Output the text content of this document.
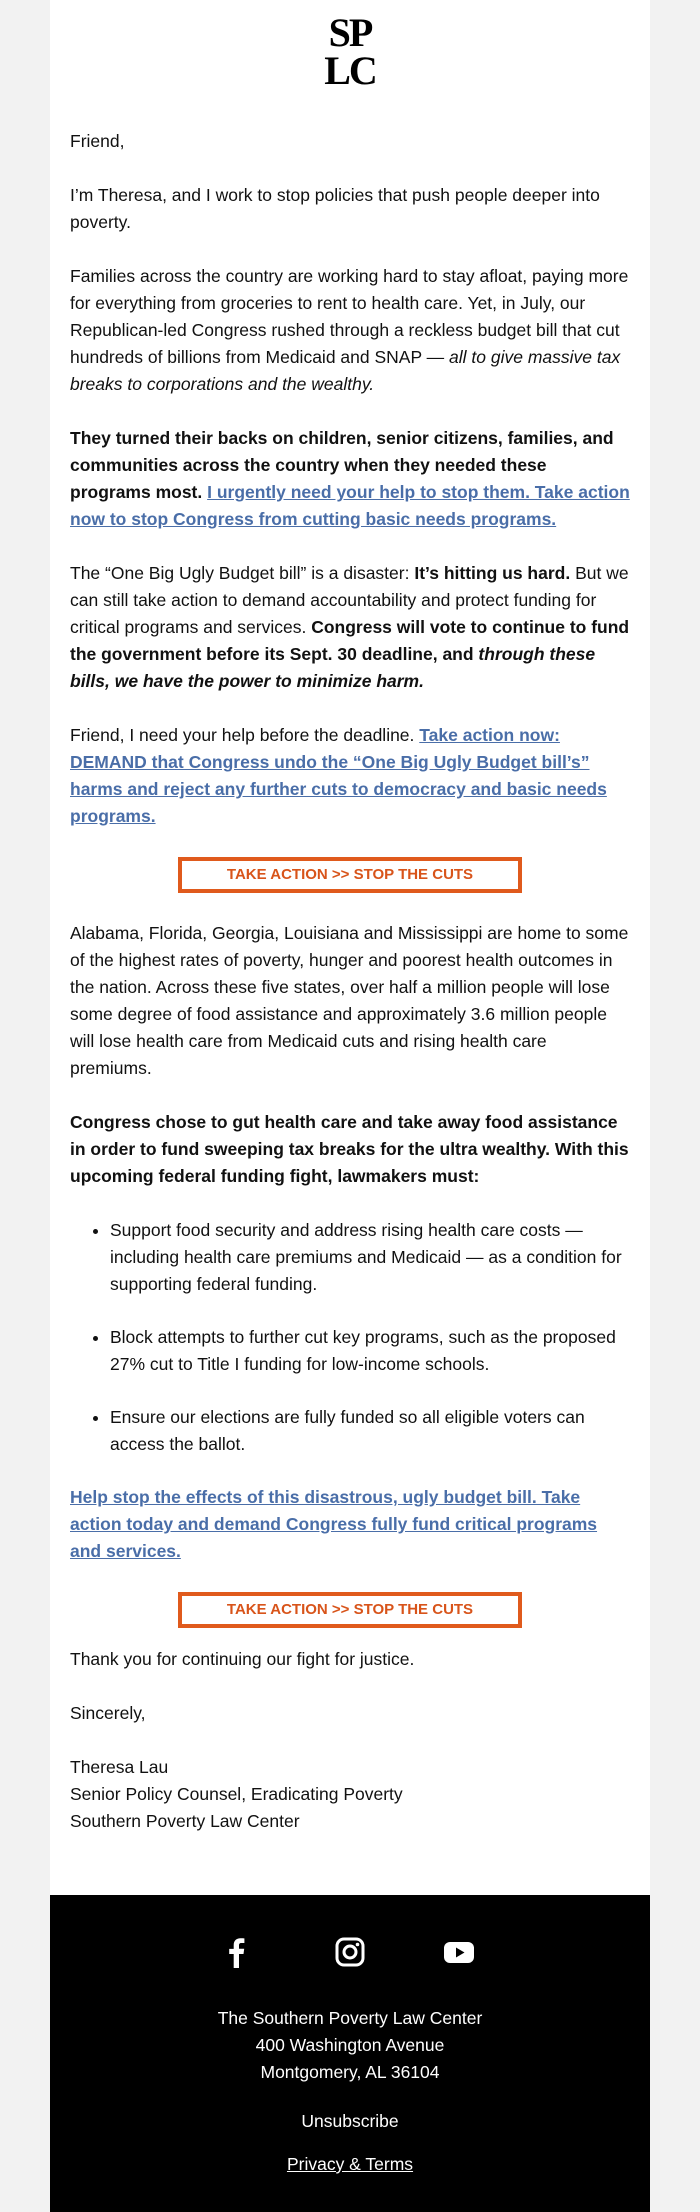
SP
LC

Friend,

I’m Theresa, and I work to stop policies that push people deeper into poverty.

Families across the country are working hard to stay afloat, paying more for everything from groceries to rent to health care. Yet, in July, our Republican-led Congress rushed through a reckless budget bill that cut hundreds of billions from Medicaid and SNAP — all to give massive tax breaks to corporations and the wealthy.

They turned their backs on children, senior citizens, families, and communities across the country when they needed these programs most. I urgently need your help to stop them. Take action now to stop Congress from cutting basic needs programs.

The “One Big Ugly Budget bill” is a disaster: It’s hitting us hard. But we can still take action to demand accountability and protect funding for critical programs and services. Congress will vote to continue to fund the government before its Sept. 30 deadline, and through these bills, we have the power to minimize harm.

Friend, I need your help before the deadline. Take action now: DEMAND that Congress undo the “One Big Ugly Budget bill’s” harms and reject any further cuts to democracy and basic needs programs.

TAKE ACTION >> STOP THE CUTS

Alabama, Florida, Georgia, Louisiana and Mississippi are home to some of the highest rates of poverty, hunger and poorest health outcomes in the nation. Across these five states, over half a million people will lose some degree of food assistance and approximately 3.6 million people will lose health care from Medicaid cuts and rising health care premiums.

Congress chose to gut health care and take away food assistance in order to fund sweeping tax breaks for the ultra wealthy. With this upcoming federal funding fight, lawmakers must:

• Support food security and address rising health care costs — including health care premiums and Medicaid — as a condition for supporting federal funding.
• Block attempts to further cut key programs, such as the proposed 27% cut to Title I funding for low-income schools.
• Ensure our elections are fully funded so all eligible voters can access the ballot.

Help stop the effects of this disastrous, ugly budget bill. Take action today and demand Congress fully fund critical programs and services.

TAKE ACTION >> STOP THE CUTS

Thank you for continuing our fight for justice.

Sincerely,

Theresa Lau
Senior Policy Counsel, Eradicating Poverty
Southern Poverty Law Center
The Southern Poverty Law Center
400 Washington Avenue
Montgomery, AL 36104
Unsubscribe
Privacy & Terms
